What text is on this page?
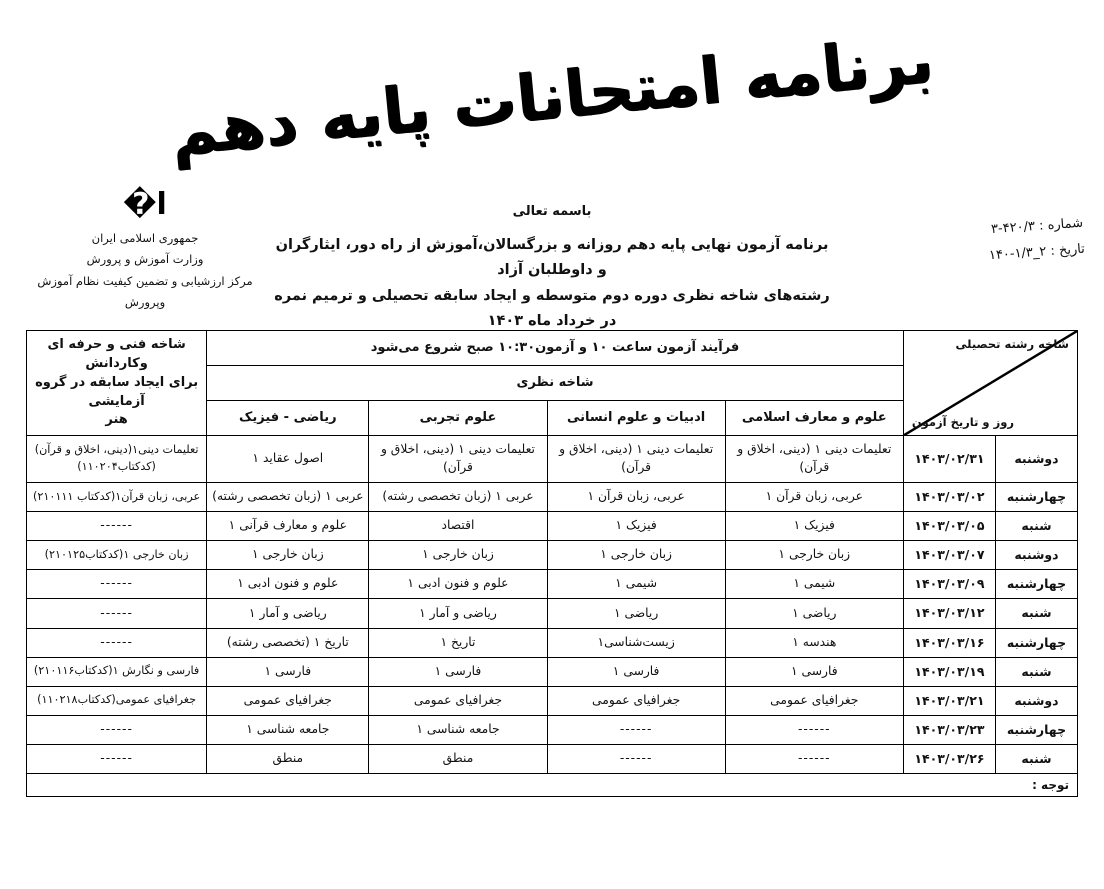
برنامه امتحانات پایه دهم
شماره : ۴۲۰/۳-۳
تاریخ : ۲_۱/۳-۱۴۰
باسمه تعالی
برنامه آزمون نهایی پایه دهم روزانه و بزرگسالان،آموزش از راه دور، ایثارگران و داوطلبان آزاد
رشته‌های شاخه نظری دوره دوم متوسطه و ایجاد سابقه تحصیلی و ترمیم نمره در خرداد ماه ۱۴۰۳
ا�
جمهوری اسلامی ایران
وزارت آموزش و پرورش
مرکز ارزشیابی و تضمین کیفیت نظام آموزش وپرورش
شاخه رشته تحصیلی
روز و تاریخ آزمون
	فرآیند آزمون ساعت ۱۰ و آزمون۱۰:۳۰ صبح شروع می‌شود	
شاخه فنی و حرفه ای وکاردانش
برای ایجاد سابقه در گروه آزمایشی
هنر

		شاخه نظری				
		علوم و معارف اسلامی	ادبیات و علوم انسانی	علوم تجربی	ریاضی - فیزیک	
دوشنبه	۱۴۰۳/۰۲/۳۱	تعلیمات دینی ۱ (دینی، اخلاق و قرآن)	تعلیمات دینی ۱ (دینی، اخلاق و قرآن)	تعلیمات دینی ۱ (دینی، اخلاق و قرآن)	اصول عقاید ۱	تعلیمات دینی۱(دینی، اخلاق و قرآن)(کدکتاب۱۱۰۲۰۴)
چهارشنبه	۱۴۰۳/۰۳/۰۲	عربی، زبان قرآن ۱	عربی، زبان قرآن ۱	عربی ۱ (زبان تخصصی رشته)	عربی ۱ (زبان تخصصی رشته)	عربی، زبان قرآن۱(کدکتاب ۲۱۰۱۱۱)
شنبه	۱۴۰۳/۰۳/۰۵	فیزیک ۱	فیزیک ۱	اقتصاد	علوم و معارف قرآنی ۱	------
دوشنبه	۱۴۰۳/۰۳/۰۷	زبان خارجی ۱	زبان خارجی ۱	زبان خارجی ۱	زبان خارجی ۱	زبان خارجی ۱(کدکتاب۲۱۰۱۲۵)
چهارشنبه	۱۴۰۳/۰۳/۰۹	شیمی ۱	شیمی ۱	علوم و فنون ادبی ۱	علوم و فنون ادبی ۱	------
شنبه	۱۴۰۳/۰۳/۱۲	ریاضی ۱	ریاضی ۱	ریاضی و آمار ۱	ریاضی و آمار ۱	------
چهارشنبه	۱۴۰۳/۰۳/۱۶	هندسه ۱	زیست‌شناسی۱	تاریخ ۱	تاریخ ۱ (تخصصی رشته)	------
شنبه	۱۴۰۳/۰۳/۱۹	فارسی ۱	فارسی ۱	فارسی ۱	فارسی ۱	فارسی و نگارش ۱(کدکتاب۲۱۰۱۱۶)
دوشنبه	۱۴۰۳/۰۳/۲۱	جغرافیای عمومی	جغرافیای عمومی	جغرافیای عمومی	جغرافیای عمومی	جغرافیای عمومی(کدکتاب۱۱۰۲۱۸)
چهارشنبه	۱۴۰۳/۰۳/۲۳	------	------	جامعه شناسی ۱	جامعه شناسی ۱	------
شنبه	۱۴۰۳/۰۳/۲۶	------	------	منطق	منطق	------
توجه :
